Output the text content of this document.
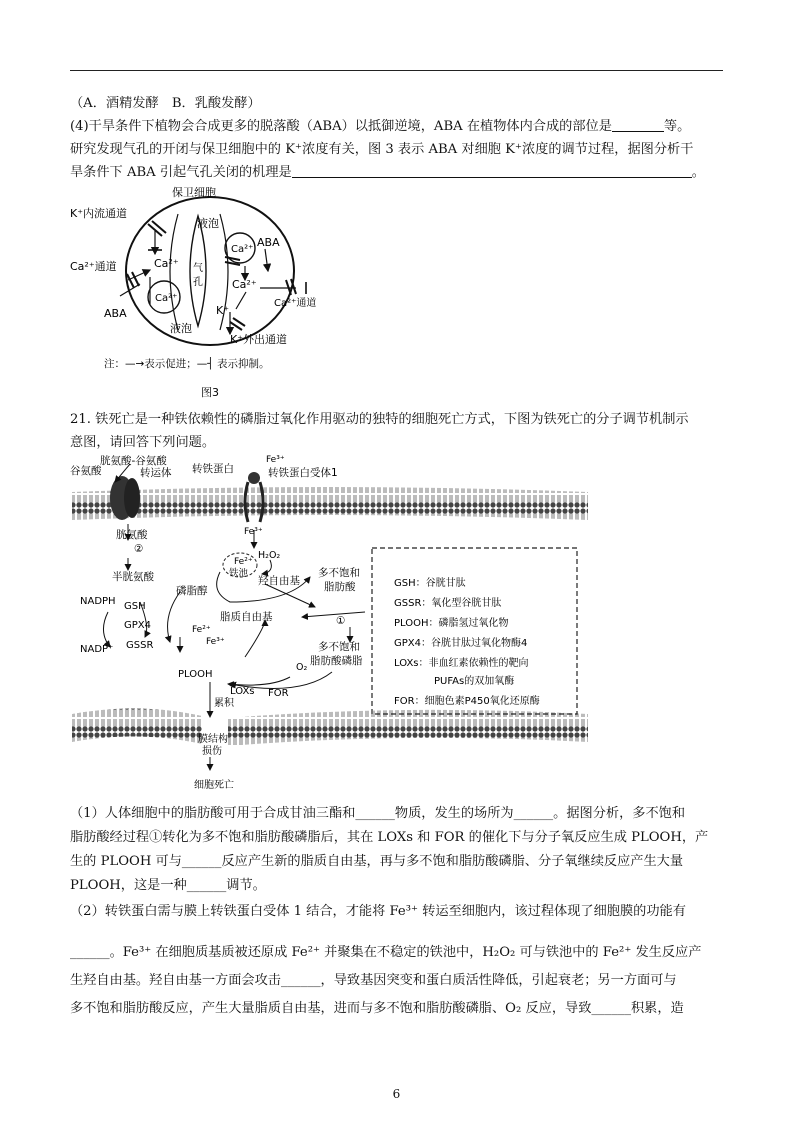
（A．酒精发酵　B．乳酸发酵）

(4)干旱条件下植物会合成更多的脱落酸（ABA）以抵御逆境，ABA 在植物体内合成的部位是	等。

研究发现气孔的开闭与保卫细胞中的 K⁺浓度有关，图 3 表示 ABA 对细胞 K⁺浓度的调节过程，据图分析干

旱条件下 ABA 引起气孔关闭的机理是	。

保卫细胞
K⁺内流通道
液泡
气
孔
Ca²⁺
ABA
Ca²⁺
Ca²⁺
Ca²⁺通道
Ca²⁺通道
Ca²⁺
ABA	K⁺
液泡
K⁺外出通道
注：—→表示促进；—┤ 表示抑制。
图3

21. 铁死亡是一种铁依赖性的磷脂过氧化作用驱动的独特的细胞死亡方式，下图为铁死亡的分子调节机制示

意图，请回答下列问题。

胱氨酸-谷氨酸
转运体
谷氨酸	转铁蛋白
Fe³⁺
转铁蛋白受体1
胱氨酸
②
半胱氨酸
NADPH GSH
GPX4
NADP⁺ GSSR
磷脂醇
Fe³⁺
H₂O₂
Fe²⁺
铁池
羟自由基
多不饱和
脂肪酸
脂质自由基	①
Fe²⁺
Fe³⁺	多不饱和
脂肪酸磷脂
O₂
PLOOH
LOXs FOR
累积
膜结构
损伤
细胞死亡
GSH：谷胱甘肽
GSSR：氧化型谷胱甘肽
PLOOH：磷脂氢过氧化物
GPX4：谷胱甘肽过氧化物酶4
LOXs：非血红素依赖性的靶向
PUFAs的双加氧酶
FOR：细胞色素P450氧化还原酶

（1）人体细胞中的脂肪酸可用于合成甘油三酯和______物质，发生的场所为______。据图分析，多不饱和

脂肪酸经过程①转化为多不饱和脂肪酸磷脂后，其在 LOXs 和 FOR 的催化下与分子氧反应生成 PLOOH，产

生的 PLOOH 可与______反应产生新的脂质自由基，再与多不饱和脂肪酸磷脂、分子氧继续反应产生大量

PLOOH，这是一种______调节。

（2）转铁蛋白需与膜上转铁蛋白受体 1 结合，才能将 Fe³⁺ 转运至细胞内，该过程体现了细胞膜的功能有

______。Fe³⁺ 在细胞质基质被还原成 Fe²⁺ 并聚集在不稳定的铁池中，H₂O₂ 可与铁池中的 Fe²⁺ 发生反应产

生羟自由基。羟自由基一方面会攻击______，导致基因突变和蛋白质活性降低，引起衰老；另一方面可与

多不饱和脂肪酸反应，产生大量脂质自由基，进而与多不饱和脂肪酸磷脂、O₂ 反应，导致______积累，造

6
